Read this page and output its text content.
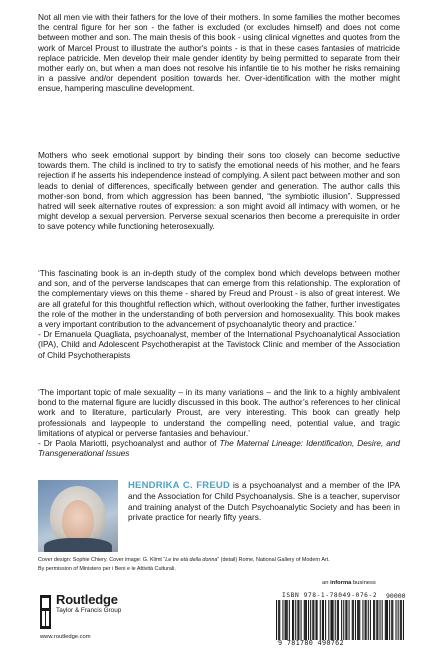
Not all men vie with their fathers for the love of their mothers. In some families the mother becomes the central figure for her son - the father is excluded (or excludes himself) and does not come between mother and son. The main thesis of this book - using clinical vignettes and quotes from the work of Marcel Proust to illustrate the author's points - is that in these cases fantasies of matricide replace patricide. Men develop their male gender identity by being permitted to separate from their mother early on, but when a man does not resolve his infantile tie to his mother he risks remaining in a passive and/or dependent position towards her. Over-identification with the mother might ensue, hampering masculine development.

Mothers who seek emotional support by binding their sons too closely can become seductive towards them. The child is inclined to try to satisfy the emotional needs of his mother, and he fears rejection if he asserts his independence instead of complying. A silent pact between mother and son leads to denial of differences, specifically between gender and generation. The author calls this mother-son bond, from which aggression has been banned, “the symbiotic illusion”. Suppressed hatred will seek alternative routes of expression: a son might avoid all intimacy with women, or he might develop a sexual perversion. Perverse sexual scenarios then become a prerequisite in order to save potency while functioning heterosexually.

‘This fascinating book is an in-depth study of the complex bond which develops between mother and son, and of the perverse landscapes that can emerge from this relationship. The exploration of the complementary views on this theme - shared by Freud and Proust - is also of great interest. We are all grateful for this thoughtful reflection which, without overlooking the father, further investigates the role of the mother in the understanding of both perversion and homosexuality. This book makes a very important contribution to the advancement of psychoanalytic theory and practice.’
- Dr Emanuela Quagliata, psychoanalyst, member of the International Psychoanalytical Association (IPA), Child and Adolescent Psychotherapist at the Tavistock Clinic and member of the Association of Child Psychotherapists

‘The important topic of male sexuality – in its many variations – and the link to a highly ambivalent bond to the maternal figure are lucidly discussed in this book. The author’s references to her clinical work and to literature, particularly Proust, are very interesting. This book can greatly help professionals and laypeople to understand the compelling need, potential value, and tragic limitations of atypical or perverse fantasies and behaviour.’
- Dr Paola Mariotti, psychoanalyst and author of The Maternal Lineage: Identification, Desire, and Transgenerational Issues

HENDRIKA C. FREUD is a psychoanalyst and a member of the IPA and the Association for Child Psychoanalysis. She is a teacher, supervisor and training analyst of the Dutch Psychoanalytic Society and has been in private practice for nearly fifty years.
Cover design: Sophie Chiery. Cover image: G. Klimt “Le tre età della donna” (detail) Rome, National Gallery of Modern Art.
By permission of Ministero per i Beni e le Attività Culturali.
an informa business
Routledge
Taylor & Francis Group
www.routledge.com
ISBN 978-1-78049-076-2 90000
9 781780 490762
